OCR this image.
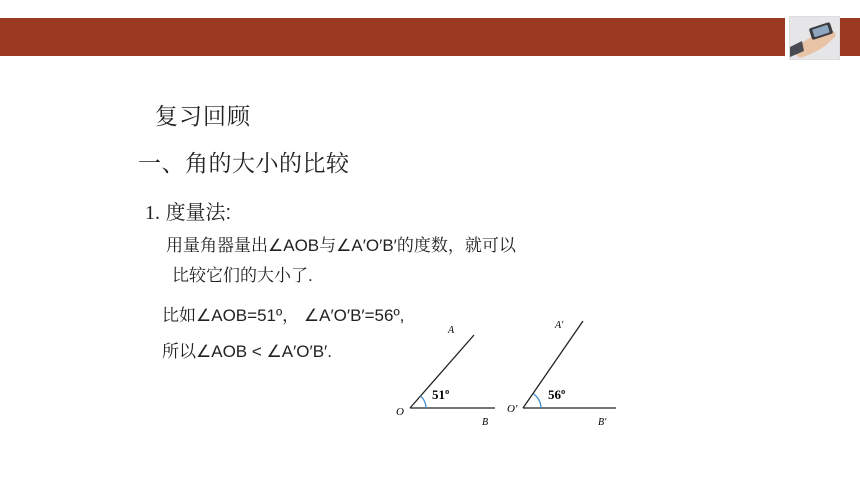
复习回顾
一、角的大小的比较
1. 度量法:
用量角器量出∠AOB与∠A′O′B′的度数，就可以
比较它们的大小了.
比如∠AOB=51º， ∠A′O′B′=56º,
所以∠AOB < ∠A′O′B′.
O
A
B
51º
O′
A′
B′
56º
